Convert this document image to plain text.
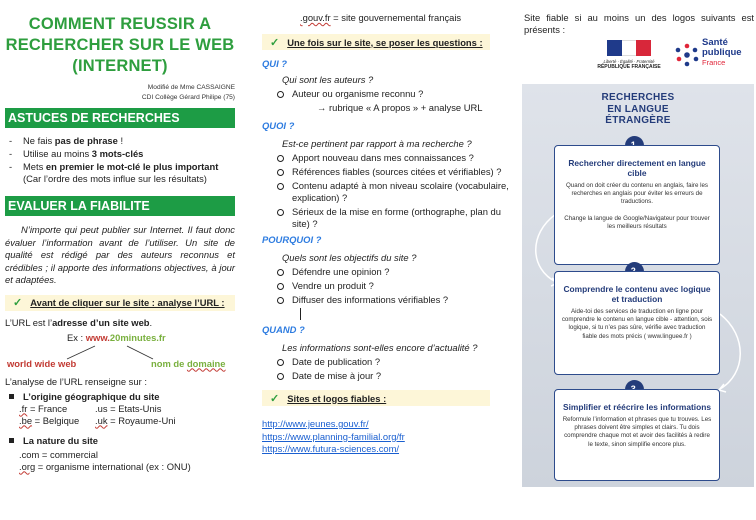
COMMENT REUSSIR A
RECHERCHER SUR LE WEB
(INTERNET)
Modifié de Mme CASSAIGNE
CDI Collège Gérard Philipe (75)
ASTUCES DE RECHERCHES
- Ne fais pas de phrase !
- Utilise au moins 3 mots-clés
- Mets en premier le mot-clé le plus important
(Car l’ordre des mots influe sur les résultats)
EVALUER LA FIABILITE

N’importe qui peut publier sur Internet. Il faut donc évaluer l’information avant de l’utiliser. Un site de qualité est rédigé par des auteurs reconnus et crédibles ; il apporte des informations objectives, à jour et adaptées.

✓ Avant de cliquer sur le site : analyse l’URL :
L’URL est l’adresse d’un site web.
Ex : www.20minutes.fr
world wide web	nom de domaine
L’analyse de l’URL renseigne sur :
L’origine géographique du site
.fr = France	.us = Etats-Unis
.be = Belgique	.uk = Royaume-Uni
La nature du site
.com = commercial
.org = organisme international (ex : ONU)
.gouv.fr = site gouvernemental français
✓ Une fois sur le site, se poser les questions :
QUI ?
Qui sont les auteurs ?
Auteur ou organisme reconnu ?
→ rubrique « A propos » + analyse URL
QUOI ?
Est-ce pertinent par rapport à ma recherche ?
Apport nouveau dans mes connaissances ?
Références fiables (sources citées et vérifiables) ?
Contenu adapté à mon niveau scolaire (vocabulaire, explication) ?
Sérieux de la mise en forme (orthographe, plan du site) ?
POURQUOI ?
Quels sont les objectifs du site ?
Défendre une opinion ?
Vendre un produit ?
Diffuser des informations vérifiables ?
QUAND ?
Les informations sont-elles encore d’actualité ?
Date de publication ?
Date de mise à jour ?
✓ Sites et logos fiables :
http://www.jeunes.gouv.fr/
https://www.planning-familial.org/fr
https://www.futura-sciences.com/
Site fiable si au moins un des logos suivants est présents :
Liberté · Égalité · Fraternité
RÉPUBLIQUE FRANÇAISE
Santé
publique
France
RECHERCHES
EN LANGUE
ÉTRANGÈRE
Rechercher directement en langue cible
Quand on doit créer du contenu en anglais, faire les recherches en anglais pour éviter les erreurs de traductions.
Change la langue de Google/Navigateur pour trouver les meilleurs résultats
Comprendre le contenu avec logique et traduction
Aide-toi des services de traduction en ligne pour comprendre le contenu en langue cible - attention, sois logique, si tu n’es pas sûre, vérifie avec traduction fiable des mots précis ( www.linguee.fr )
Simplifier et réécrire les informations
Reformule l’information et phrases que tu trouves. Les phrases doivent être simples et clairs. Tu dois comprendre chaque mot et avoir des facilités à redire le texte, sinon simplifie encore plus.
